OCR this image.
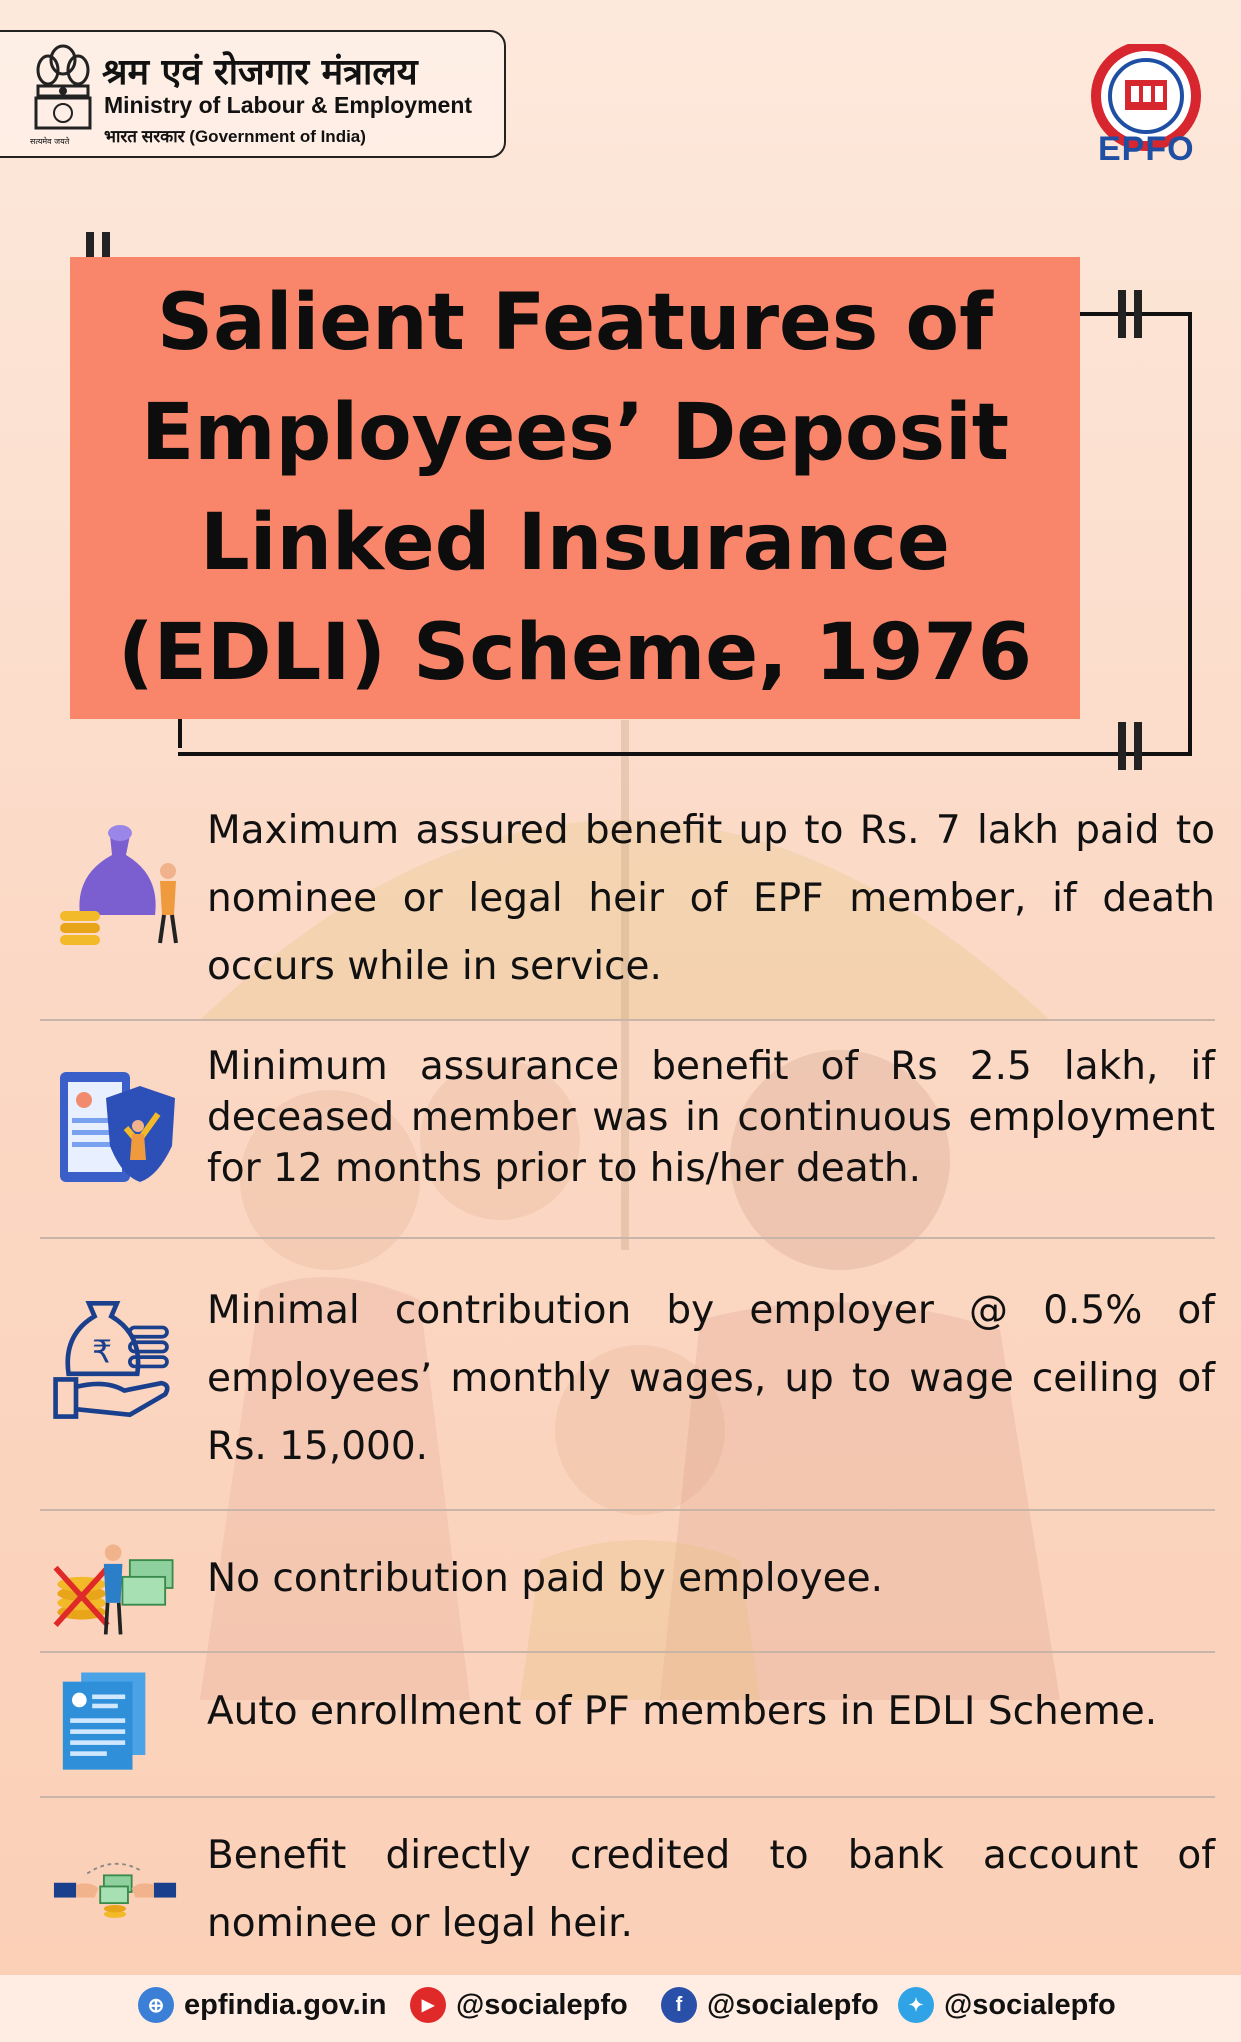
श्रम एवं रोजगार मंत्रालय
Ministry of Labour & Employment
भारत सरकार (Government of India)
सत्यमेव जयते	EPFO
Salient Features of
Employees’ Deposit
Linked Insurance
(EDLI) Scheme, 1976
Maximum assured benefit up to Rs. 7 lakh paid to nominee or legal heir of EPF member, if death occurs while in service.
Minimum assurance benefit of Rs 2.5 lakh, if deceased member was in continuous employment for 12 months prior to his/her death.
₹
Minimal contribution by employer @ 0.5% of employees’ monthly wages, up to wage ceiling of Rs. 15,000.
No contribution paid by employee.
Auto enrollment of PF members in EDLI Scheme.
Benefit directly credited to bank account of nominee or legal heir.
⊕ epfindia.gov.in	▶ @socialepfo	f @socialepfo	✦ @socialepfo
